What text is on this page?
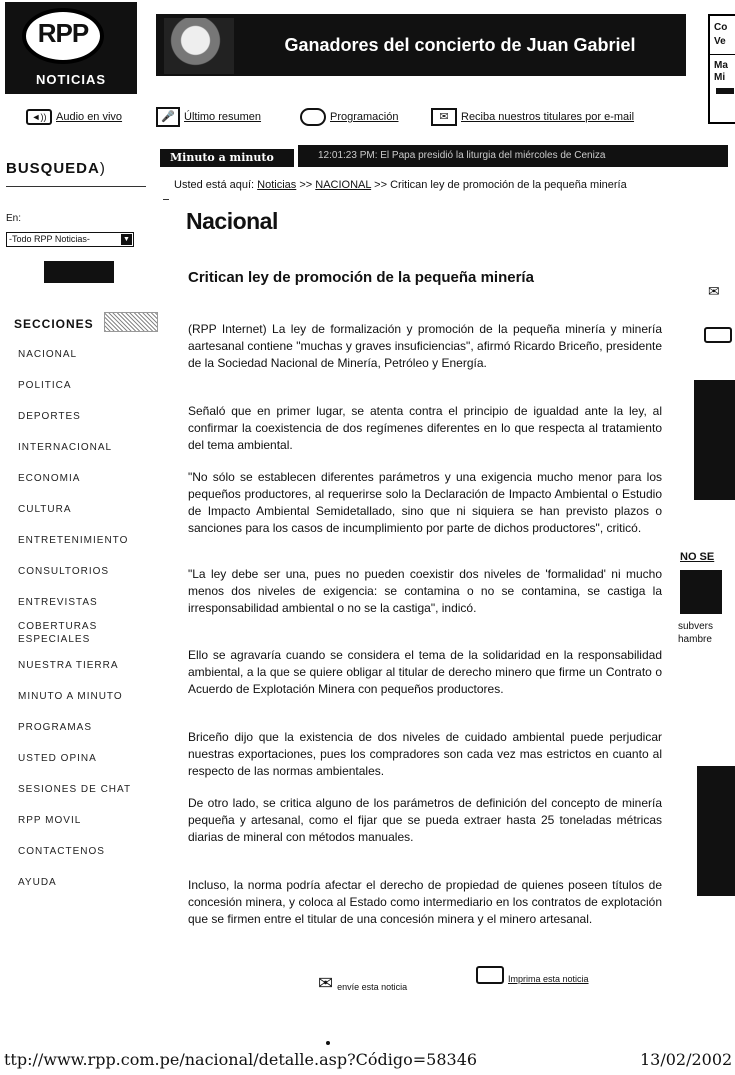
RPP
NOTICIAS
Ganadores del concierto de Juan Gabriel
Co
Ve
Ma
Mi
◄)) Audio en vivo	🎤 Último resumen	Programación	✉	Reciba nuestros titulares por e-mail
BUSQUEDA)
En:
-Todo RPP Noticias-	▼
SECCIONES
NACIONAL
POLITICA
DEPORTES
INTERNACIONAL
ECONOMIA
CULTURA
ENTRETENIMIENTO
CONSULTORIOS
ENTREVISTAS
COBERTURAS ESPECIALES
NUESTRA TIERRA
MINUTO A MINUTO
PROGRAMAS
USTED OPINA
SESIONES DE CHAT
RPP MOVIL
CONTACTENOS
AYUDA
Minuto a minuto	12:01:23 PM: El Papa presidió la liturgia del miércoles de Ceniza
Usted está aquí: Noticias >> NACIONAL >> Critican ley de promoción de la pequeña minería
Nacional
Critican ley de promoción de la pequeña minería
(RPP Internet) La ley de formalización y promoción de la pequeña minería y minería aartesanal contiene "muchas y graves insuficiencias", afirmó Ricardo Briceño, presidente de la Sociedad Nacional de Minería, Petróleo y Energía.
Señaló que en primer lugar, se atenta contra el principio de igualdad ante la ley, al confirmar la coexistencia de dos regímenes diferentes en lo que respecta al tratamiento del tema ambiental.
"No sólo se establecen diferentes parámetros y una exigencia mucho menor para los pequeños productores, al requerirse solo la Declaración de Impacto Ambiental o Estudio de Impacto Ambiental Semidetallado, sino que ni siquiera se han previsto plazos o sanciones para los casos de incumplimiento por parte de dichos productores", criticó.
"La ley debe ser una, pues no pueden coexistir dos niveles de 'formalidad' ni mucho menos dos niveles de exigencia: se contamina o no se contamina, se castiga la irresponsabilidad ambiental o no se la castiga", indicó.
Ello se agravaría cuando se considera el tema de la solidaridad en la responsabilidad ambiental, a la que se quiere obligar al titular de derecho minero que firme un Contrato o Acuerdo de Explotación Minera con pequeños productores.
Briceño dijo que la existencia de dos niveles de cuidado ambiental puede perjudicar nuestras exportaciones, pues los compradores son cada vez mas estrictos en cuanto al respecto de las normas ambientales.
De otro lado, se critica alguno de los parámetros de definición del concepto de minería pequeña y artesanal, como el fijar que se pueda extraer hasta 25 toneladas métricas diarias de mineral con métodos manuales.
Incluso, la norma podría afectar el derecho de propiedad de quienes poseen títulos de concesión minera, y coloca al Estado como intermediario en los contratos de explotación que se firmen entre el titular de una concesión minera y el minero artesanal.
✉ envíe esta noticia
Imprima esta noticia
✉
NO SE
subvers
hambre
ttp://www.rpp.com.pe/nacional/detalle.asp?Código=58346	13/02/2002
